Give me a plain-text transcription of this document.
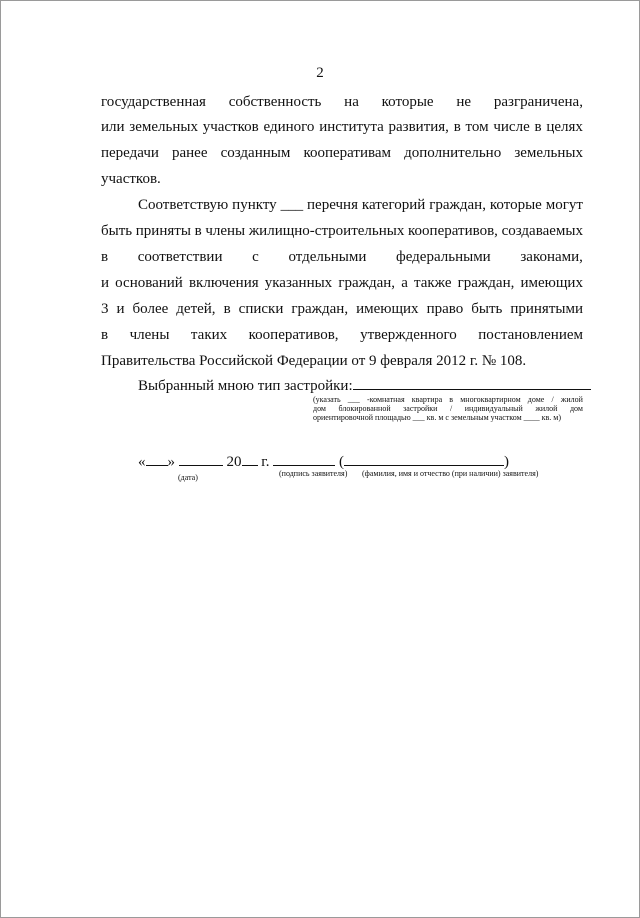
2
государственная собственность на которые не разграничена,
или земельных участков единого института развития, в том числе в целях
передачи ранее созданным кооперативам дополнительно земельных
участков.
Соответствую пункту ___ перечня категорий граждан, которые могут
быть приняты в члены жилищно-строительных кооперативов, создаваемых
в соответствии с отдельными федеральными законами,
и оснований включения указанных граждан, а также граждан, имеющих
3 и более детей, в списки граждан, имеющих право быть принятыми
в члены таких кооперативов, утвержденного постановлением
Правительства Российской Федерации от 9 февраля 2012 г. № 108.
Выбранный мною тип застройки:
(указать ___ -комнатная квартира в многоквартирном доме / жилой
дом блокированной застройки / индивидуальный жилой дом
ориентировочной площадью ___ кв. м с земельным участком ____ кв. м)
« »	20 г.	(	)
(дата)	(подпись заявителя) (фамилия, имя и отчество (при наличии) заявителя)
